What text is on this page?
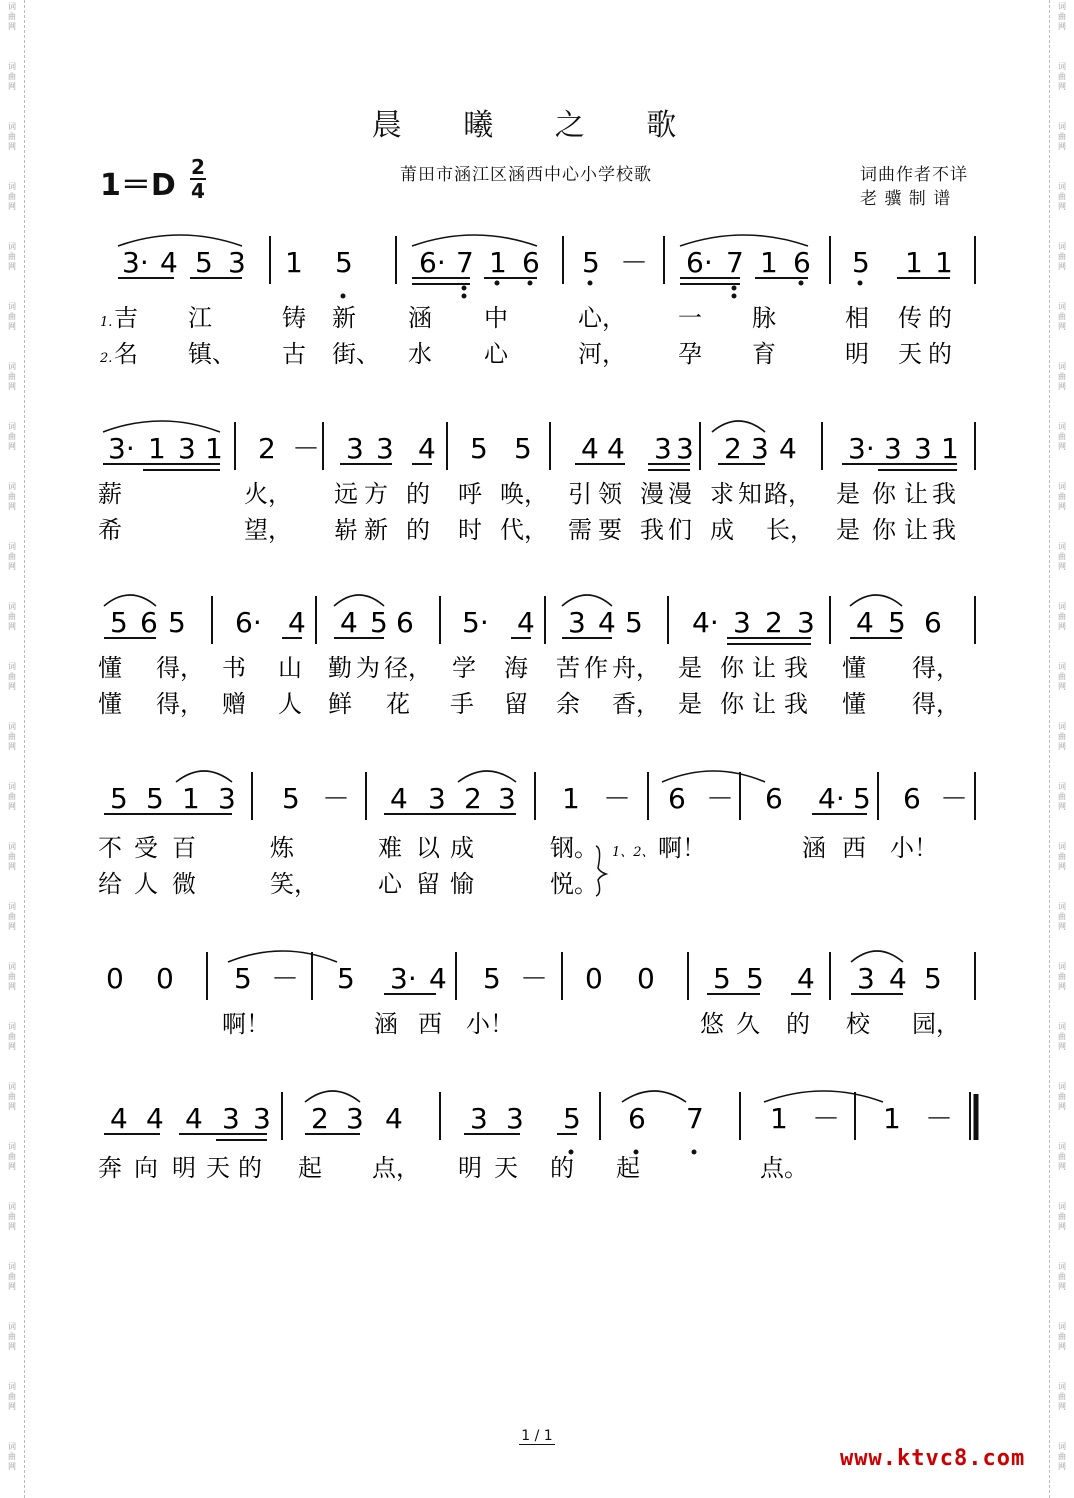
词
曲
网
词
曲
网
词
曲
网
词
曲
网
词
曲
网
词
曲
网
词
曲
网
词
曲
网
词
曲
网
词
曲
网
词
曲
网
词
曲
网
词
曲
网
词
曲
网
词
曲
网
词
曲
网
词
曲
网
词
曲
网
词
曲
网
词
曲
网
词
曲
网
词
曲
网
词
曲
网
词
曲
网
词
曲
网
词
曲
网
词
曲
网
词
曲
网
词
曲
网
词
曲
网
词
曲
网
词
曲
网
词
曲
网
词
曲
网
词
曲
网
词
曲
网
词
曲
网
词
曲
网
词
曲
网
词
曲
网
词
曲
网
词
曲
网
词
曲
网
词
曲
网
词
曲
网
词
曲
网
词
曲
网
词
曲
网
词
曲
网
词
曲
网
晨 曦 之 歌
1＝D
2
4
莆田市涵江区涵西中心小学校歌	词曲作者不详
老 骥 制 谱
3· 4 5 3 1 5 6· 7 1 6 5 － 6· 7 1 6 5 1 1
3· 1 3 1 2 － 3 3 4 5 5 4 4 3 3 2 3 4 3· 3 3 1
5 6 5 6· 4 4 5 6 5· 4 3 4 5 4· 3 2 3 4 5 6
5 5 1 3 5 － 4 3 2 3 1 － 6 － 6 4· 5 6 －
0 0 5 － 5 3· 4 5 － 0 0 5 5 4 3 4 5
4 4 4 3 3 2 3 4 3 3 5 6 7 1 － 1 －
1. 吉 江	铸 新 涵 中	心， 一 脉	相 传 的
2. 名 镇、 古 街、 水 心	河， 孕 育	明 天 的
薪	火， 远 方 的 呼 唤， 引 领 漫 漫 求 知 路， 是 你 让 我
希	望， 崭 新 的 时 代， 需 要 我 们 成 长， 是 你 让 我
懂 得， 书 山 勤 为 径， 学 海 苦 作 舟， 是 你 让 我 懂 得，
懂 得， 赠 人 鲜 花 手 留 余 香， 是 你 让 我 懂 得，
不 受 百	炼	难 以 成	钢。 1、2、 啊！	涵 西 小！
给 人 微	笑，	心 留 愉	悦。
啊！	涵 西 小！	悠 久 的 校 园，
奔 向 明 天 的 起 点， 明 天 的 起	点。
1 / 1
www.ktvc8.com
